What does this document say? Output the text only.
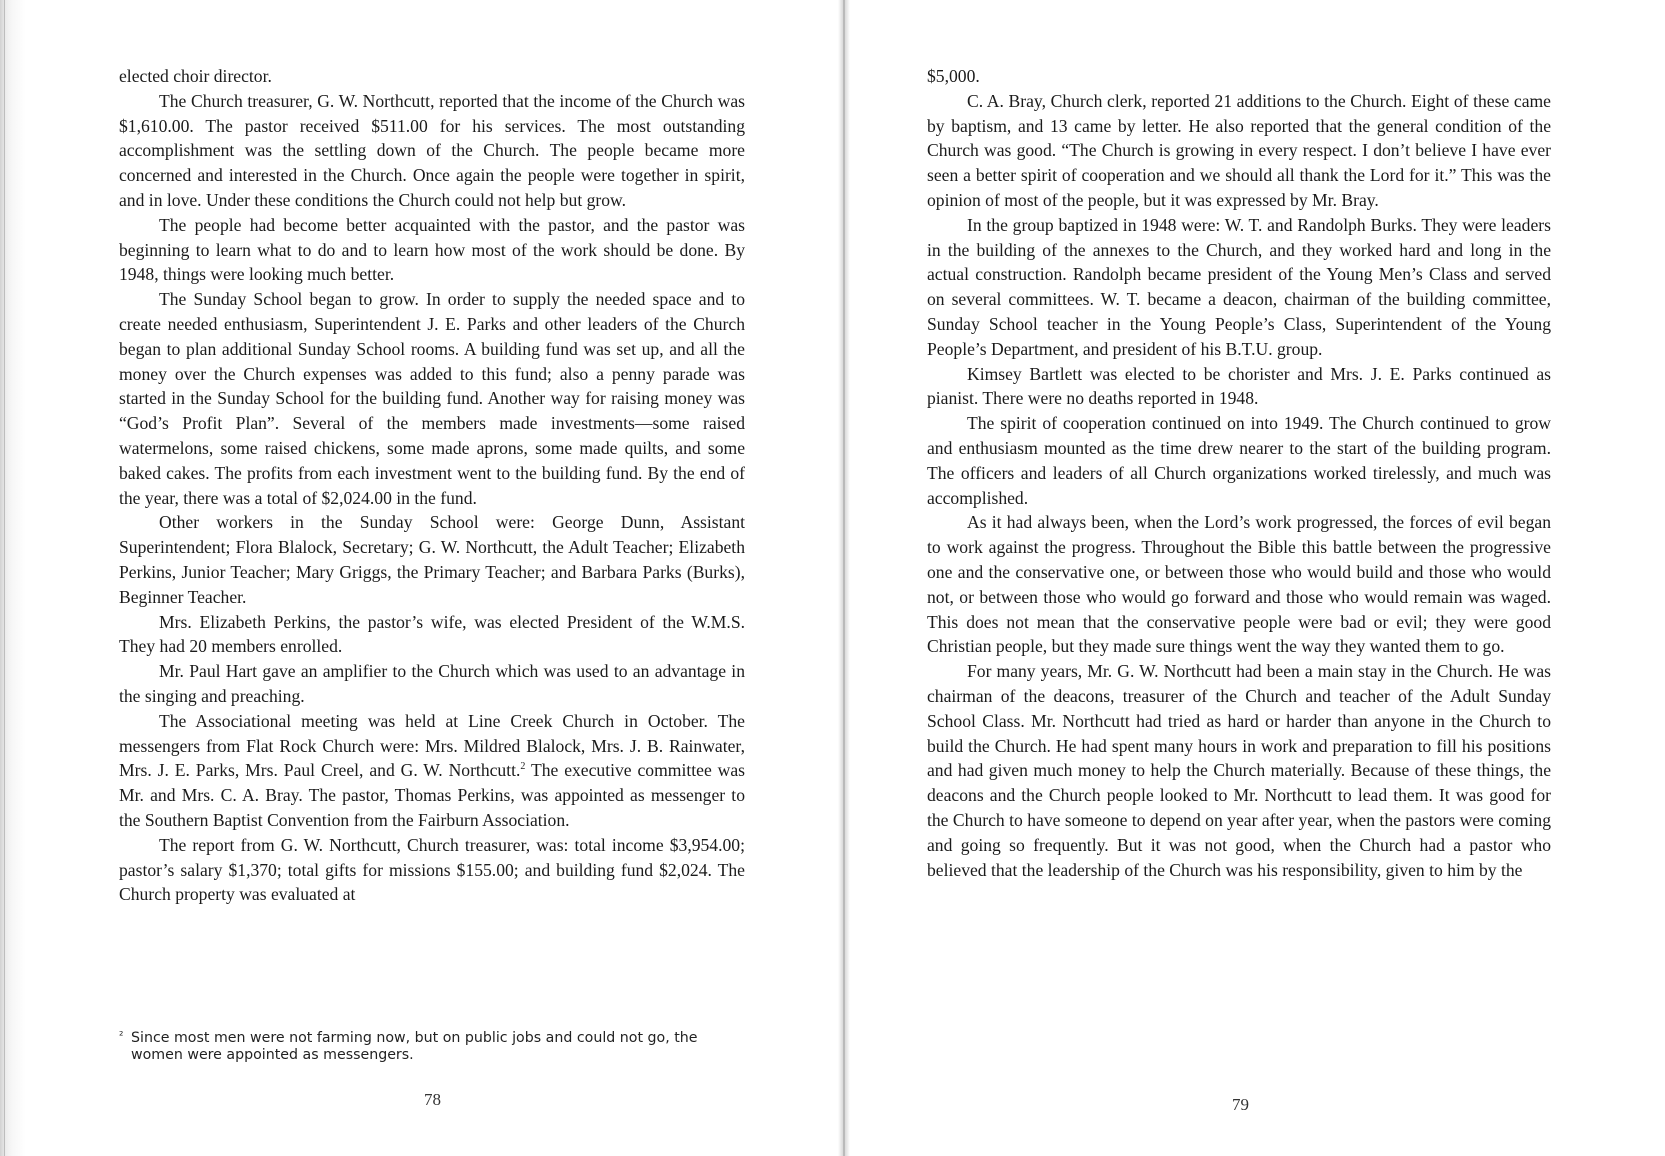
elected choir director.

The Church treasurer, G. W. Northcutt, reported that the income of the Church was $1,610.00. The pastor received $511.00 for his services. The most outstanding accomplishment was the settling down of the Church. The people became more concerned and interested in the Church. Once again the people were together in spirit, and in love. Under these conditions the Church could not help but grow.

The people had become better acquainted with the pastor, and the pastor was beginning to learn what to do and to learn how most of the work should be done. By 1948, things were looking much better.

The Sunday School began to grow. In order to supply the needed space and to create needed enthusiasm, Superintendent J. E. Parks and other leaders of the Church began to plan additional Sunday School rooms. A building fund was set up, and all the money over the Church expenses was added to this fund; also a penny parade was started in the Sunday School for the building fund. Another way for raising money was “God’s Profit Plan”. Several of the members made investments—some raised watermelons, some raised chickens, some made aprons, some made quilts, and some baked cakes. The profits from each investment went to the building fund. By the end of the year, there was a total of $2,024.00 in the fund.

Other workers in the Sunday School were: George Dunn, Assistant Superintendent; Flora Blalock, Secretary; G. W. Northcutt, the Adult Teacher; Elizabeth Perkins, Junior Teacher; Mary Griggs, the Primary Teacher; and Barbara Parks (Burks), Beginner Teacher.

Mrs. Elizabeth Perkins, the pastor’s wife, was elected President of the W.M.S. They had 20 members enrolled.

Mr. Paul Hart gave an amplifier to the Church which was used to an advantage in the singing and preaching.

The Associational meeting was held at Line Creek Church in October. The messengers from Flat Rock Church were: Mrs. Mildred Blalock, Mrs. J. B. Rainwater, Mrs. J. E. Parks, Mrs. Paul Creel, and G. W. Northcutt.$^2$ The executive committee was Mr. and Mrs. C. A. Bray. The pastor, Thomas Perkins, was appointed as messenger to the Southern Baptist Convention from the Fairburn Association.

The report from G. W. Northcutt, Church treasurer, was: total income $3,954.00; pastor’s salary $1,370; total gifts for missions $155.00; and building fund $2,024. The Church property was evaluated at

² Since most men were not farming now, but on public jobs and could not go, the women were appointed as messengers.
78

$5,000.

C. A. Bray, Church clerk, reported 21 additions to the Church. Eight of these came by baptism, and 13 came by letter. He also reported that the general condition of the Church was good. “The Church is growing in every respect. I don’t believe I have ever seen a better spirit of cooperation and we should all thank the Lord for it.” This was the opinion of most of the people, but it was expressed by Mr. Bray.

In the group baptized in 1948 were: W. T. and Randolph Burks. They were leaders in the building of the annexes to the Church, and they worked hard and long in the actual construction. Randolph became president of the Young Men’s Class and served on several committees. W. T. became a deacon, chairman of the building committee, Sunday School teacher in the Young People’s Class, Superintendent of the Young People’s Department, and president of his B.T.U. group.

Kimsey Bartlett was elected to be chorister and Mrs. J. E. Parks continued as pianist. There were no deaths reported in 1948.

The spirit of cooperation continued on into 1949. The Church continued to grow and enthusiasm mounted as the time drew nearer to the start of the building program. The officers and leaders of all Church organizations worked tirelessly, and much was accomplished.

As it had always been, when the Lord’s work progressed, the forces of evil began to work against the progress. Throughout the Bible this battle between the progressive one and the conservative one, or between those who would build and those who would not, or between those who would go forward and those who would remain was waged. This does not mean that the conservative people were bad or evil; they were good Christian people, but they made sure things went the way they wanted them to go.

For many years, Mr. G. W. Northcutt had been a main stay in the Church. He was chairman of the deacons, treasurer of the Church and teacher of the Adult Sunday School Class. Mr. Northcutt had tried as hard or harder than anyone in the Church to build the Church. He had spent many hours in work and preparation to fill his positions and had given much money to help the Church materially. Because of these things, the deacons and the Church people looked to Mr. Northcutt to lead them. It was good for the Church to have someone to depend on year after year, when the pastors were coming and going so frequently. But it was not good, when the Church had a pastor who believed that the leadership of the Church was his responsibility, given to him by the

79
